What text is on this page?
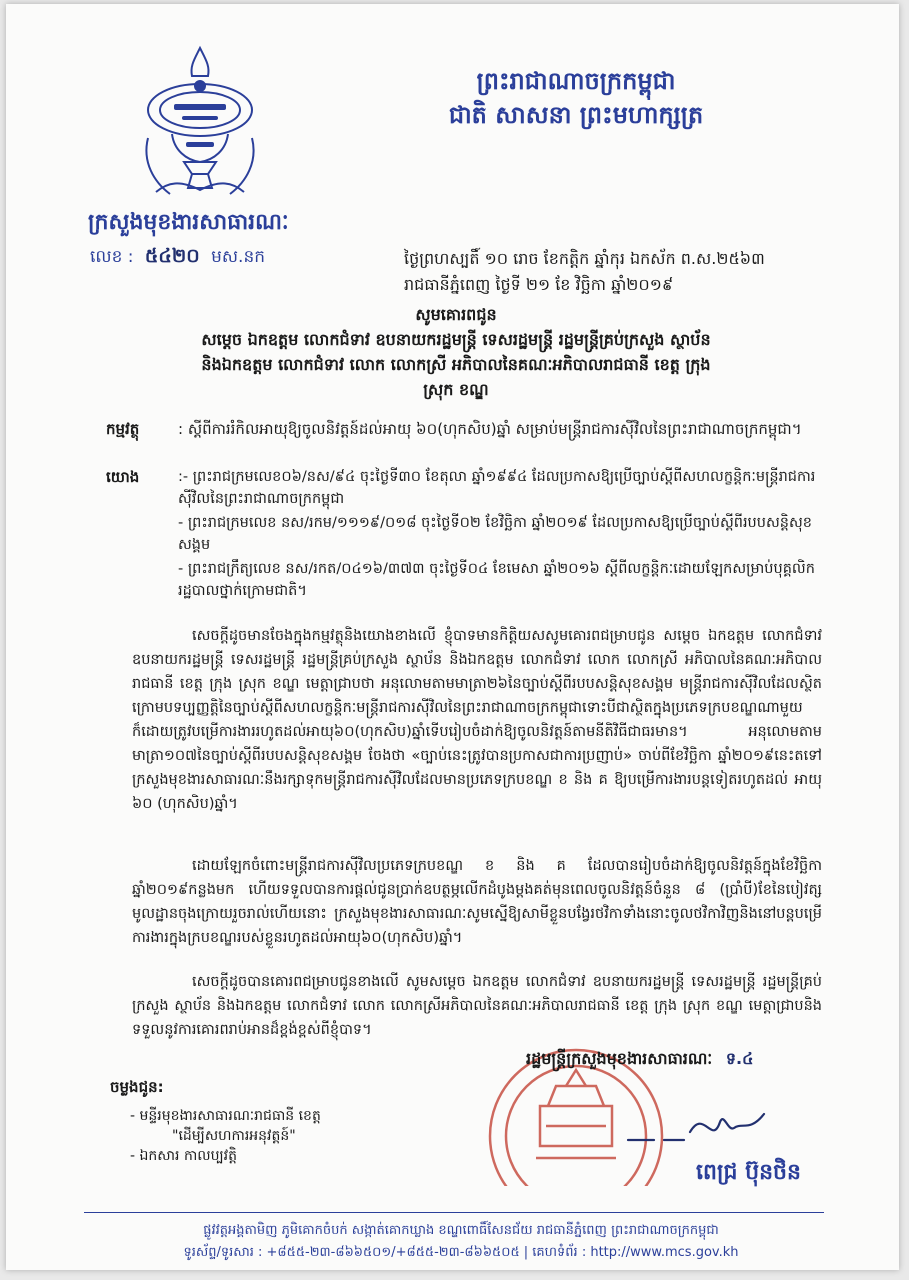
ព្រះរាជាណាចក្រកម្ពុជា
ជាតិ សាសនា ព្រះមហាក្សត្រ
ក្រសួងមុខងារសាធារណៈ
លេខ : ៥៤២០ មស.នក	ថ្ងៃព្រហស្បតិ៍ ១០ រោច ខែកត្តិក ឆ្នាំកុរ ឯកស័ក ព.ស.២៥៦៣
រាជធានីភ្នំពេញ ថ្ងៃទី ២១ ខែ វិច្ឆិកា ឆ្នាំ២០១៩
សូមគោរពជូន
សម្តេច ឯកឧត្តម លោកជំទាវ ឧបនាយករដ្ឋមន្ត្រី ទេសរដ្ឋមន្ត្រី រដ្ឋមន្ត្រីគ្រប់ក្រសួង ស្ថាប័ន
និងឯកឧត្តម លោកជំទាវ លោក លោកស្រី អភិបាលនៃគណៈអភិបាលរាជធានី ខេត្ត ក្រុង
ស្រុក ខណ្ឌ
កម្មវត្ថុ	: ស្តីពីការរំកិលអាយុឱ្យចូលនិវត្តន៍ដល់អាយុ ៦០(ហុកសិប)ឆ្នាំ សម្រាប់មន្ត្រីរាជការស៊ីវិលនៃព្រះរាជាណាចក្រកម្ពុជា។
យោង	:- ព្រះរាជក្រមលេខ០៦/នស/៩៤ ចុះថ្ងៃទី៣០ ខែតុលា ឆ្នាំ១៩៩៤ ដែលប្រកាសឱ្យប្រើច្បាប់ស្តីពីសហលក្ខន្តិកៈមន្ត្រីរាជការស៊ីវិលនៃព្រះរាជាណាចក្រកម្ពុជា
- ព្រះរាជក្រមលេខ នស/រកម/១១១៩/០១៨ ចុះថ្ងៃទី០២ ខែវិច្ឆិកា ឆ្នាំ២០១៩ ដែលប្រកាសឱ្យប្រើច្បាប់ស្តីពីរបបសន្តិសុខសង្គម
- ព្រះរាជក្រឹត្យលេខ នស/រកត/០៤១៦/៣៧៣ ចុះថ្ងៃទី០៤ ខែមេសា ឆ្នាំ២០១៦ ស្តីពីលក្ខន្តិកៈដោយឡែកសម្រាប់បុគ្គលិករដ្ឋបាលថ្នាក់ក្រោមជាតិ។
សេចក្តីដូចមានចែងក្នុងកម្មវត្ថុនិងយោងខាងលើ ខ្ញុំបាទមានកិត្តិយសសូមគោរពជម្រាបជូន សម្តេច ឯកឧត្តម លោកជំទាវ ឧបនាយករដ្ឋមន្ត្រី ទេសរដ្ឋមន្ត្រី រដ្ឋមន្ត្រីគ្រប់ក្រសួង ស្ថាប័ន និងឯកឧត្តម លោកជំទាវ លោក លោកស្រី អភិបាលនៃគណៈអភិបាលរាជធានី ខេត្ត ក្រុង ស្រុក ខណ្ឌ មេត្តាជ្រាបថា អនុលោមតាមមាត្រា២៦នៃច្បាប់ស្តីពីរបបសន្តិសុខសង្គម មន្ត្រីរាជការស៊ីវិលដែលស្ថិតក្រោមបទប្បញ្ញត្តិនៃច្បាប់ស្តីពីសហលក្ខន្តិកៈមន្ត្រីរាជការស៊ីវិលនៃព្រះរាជាណាចក្រកម្ពុជាទោះបីជាស្ថិតក្នុងប្រភេទក្របខណ្ឌណាមួយក៏ដោយត្រូវបម្រើការងាររហូតដល់អាយុ៦០(ហុកសិប)ឆ្នាំទើបរៀបចំដាក់ឱ្យចូលនិវត្តន៍តាមនីតិវិធីជាធរមាន។ អនុលោមតាមមាត្រា១០៧នៃច្បាប់ស្តីពីរបបសន្តិសុខសង្គម ចែងថា «ច្បាប់នេះត្រូវបានប្រកាសជាការប្រញាប់» ចាប់ពីខែវិច្ឆិកា ឆ្នាំ២០១៩នេះតទៅក្រសួងមុខងារសាធារណៈនឹងរក្សាទុកមន្ត្រីរាជការស៊ីវិលដែលមានប្រភេទក្របខណ្ឌ ខ និង គ ឱ្យបម្រើការងារបន្តទៀតរហូតដល់ អាយុ ៦០ (ហុកសិប)ឆ្នាំ។
ដោយឡែកចំពោះមន្ត្រីរាជការស៊ីវិលប្រភេទក្របខណ្ឌ ខ និង គ ដែលបានរៀបចំដាក់ឱ្យចូលនិវត្តន៍ក្នុងខែវិច្ឆិកា ឆ្នាំ២០១៩កន្លងមក ហើយទទួលបានការផ្តល់ជូនប្រាក់ឧបត្ថម្ភលើកដំបូងម្តងគត់មុនពេលចូលនិវត្តន៍ចំនួន ៨ (ប្រាំបី)ខែនៃបៀវត្សមូលដ្ឋានចុងក្រោយរួចរាល់ហើយនោះ ក្រសួងមុខងារសាធារណៈសូមស្នើឱ្យសាមីខ្លួនបង្វែរថវិកាទាំងនោះចូលថវិកាវិញនិងនៅបន្តបម្រើការងារក្នុងក្របខណ្ឌរបស់ខ្លួនរហូតដល់អាយុ៦០(ហុកសិប)ឆ្នាំ។
សេចក្តីដូចបានគោរពជម្រាបជូនខាងលើ សូមសម្តេច ឯកឧត្តម លោកជំទាវ ឧបនាយករដ្ឋមន្ត្រី ទេសរដ្ឋមន្ត្រី រដ្ឋមន្ត្រីគ្រប់ក្រសួង ស្ថាប័ន និងឯកឧត្តម លោកជំទាវ លោក លោកស្រីអភិបាលនៃគណៈអភិបាលរាជធានី ខេត្ត ក្រុង ស្រុក ខណ្ឌ មេត្តាជ្រាបនិងទទួលនូវការគោរពរាប់អានដ៏ខ្ពង់ខ្ពស់ពីខ្ញុំបាទ។
រដ្ឋមន្ត្រីក្រសួងមុខងារសាធារណៈ ទ.៤
ពេជ្រ ប៊ុនថិន
ចម្លងជូន:
- មន្ទីរមុខងារសាធារណៈរាជធានី ខេត្ត
"ដើម្បីសហការអនុវត្តន៍"
- ឯកសារ កាលប្បវត្តិ
ផ្លូវវត្តអង្គតាមិញ ភូមិគោកចំបក់ សង្កាត់គោកឃ្លាង ខណ្ឌពោធិ៍សែនជ័យ រាជធានីភ្នំពេញ ព្រះរាជាណាចក្រកម្ពុជា
ទូរស័ព្ទ/ទូរសារ : +៨៥៥-២៣-៨៦៦៥០១/+៨៥៥-២៣-៨៦៦៥០៥ | គេហទំព័រ : http://www.mcs.gov.kh
